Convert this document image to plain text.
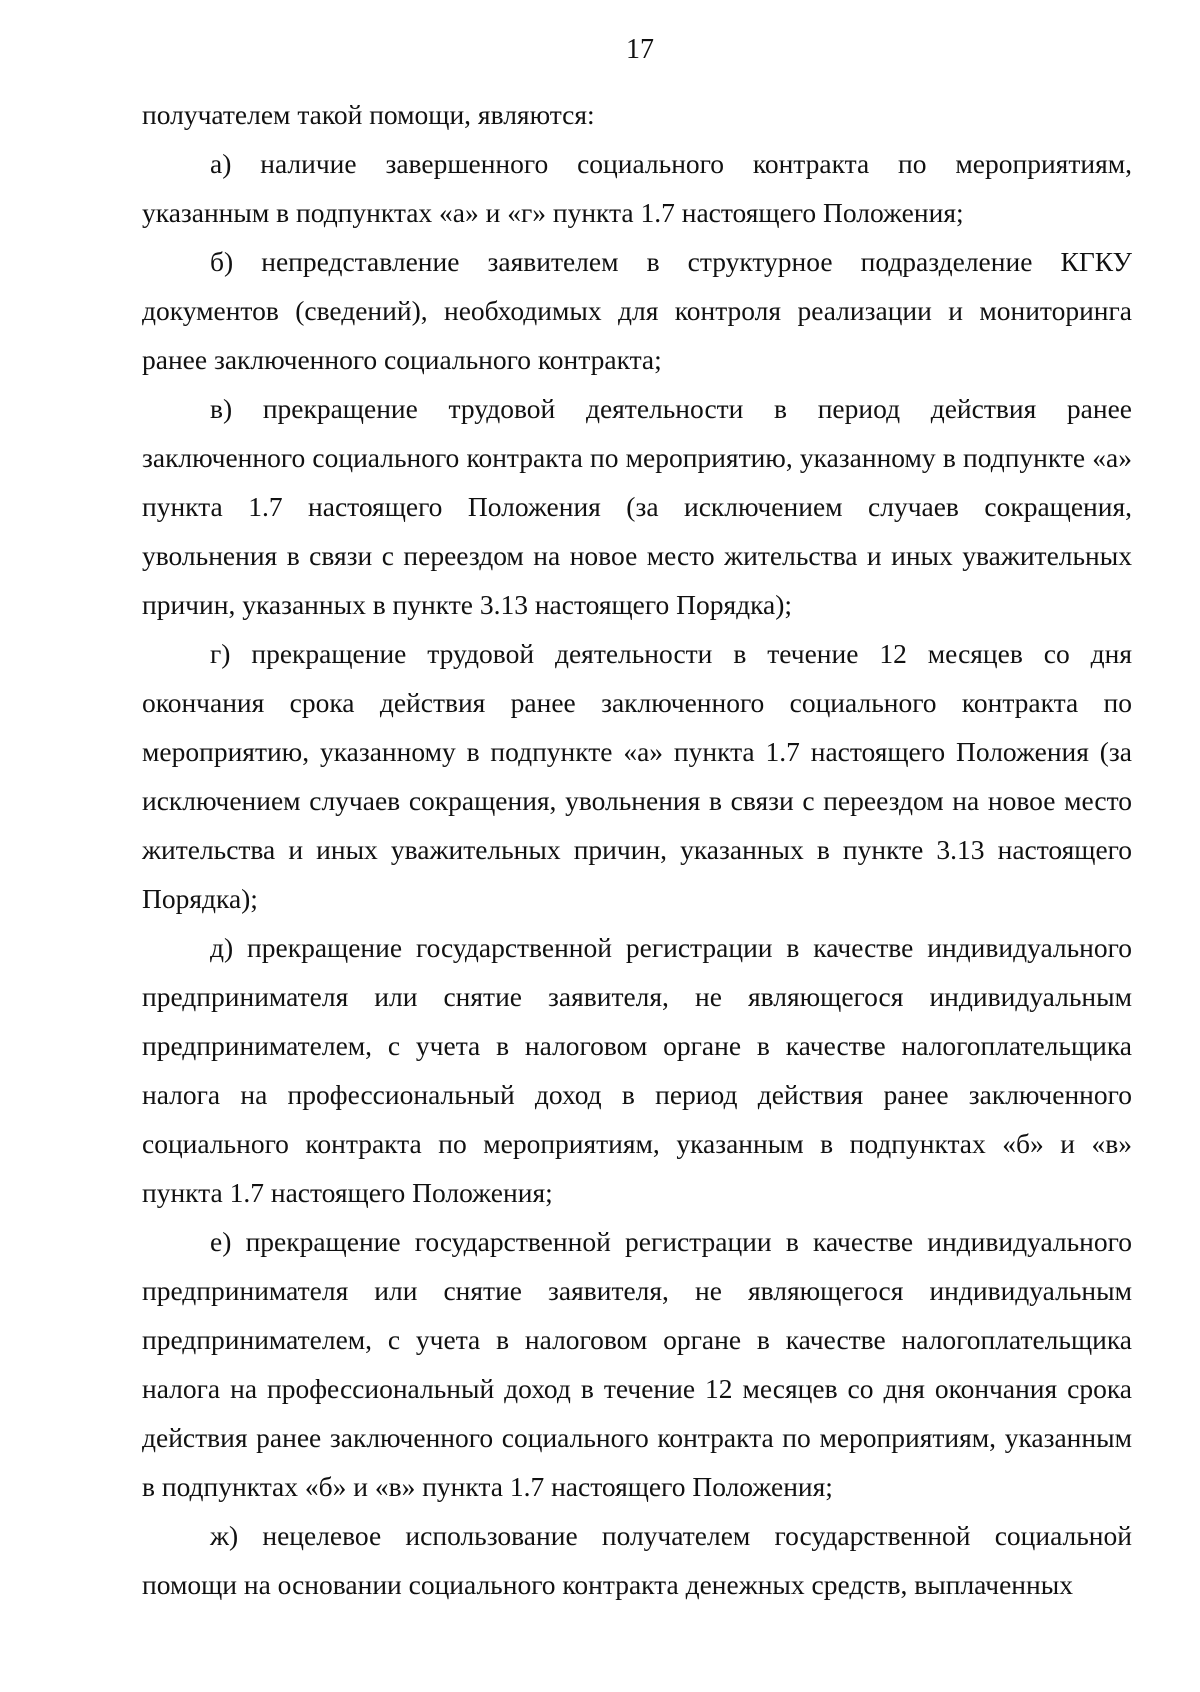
17

получателем такой помощи, являются:

а) наличие завершенного социального контракта по мероприятиям, указанным в подпунктах «а» и «г» пункта 1.7 настоящего Положения;

б) непредставление заявителем в структурное подразделение КГКУ документов (сведений), необходимых для контроля реализации и мониторинга ранее заключенного социального контракта;

в) прекращение трудовой деятельности в период действия ранее заключенного социального контракта по мероприятию, указанному в подпункте «а» пункта 1.7 настоящего Положения (за исключением случаев сокращения, увольнения в связи с переездом на новое место жительства и иных уважительных причин, указанных в пункте 3.13 настоящего Порядка);

г) прекращение трудовой деятельности в течение 12 месяцев со дня окончания срока действия ранее заключенного социального контракта по мероприятию, указанному в подпункте «а» пункта 1.7 настоящего Положения (за исключением случаев сокращения, увольнения в связи с переездом на новое место жительства и иных уважительных причин, указанных в пункте 3.13 настоящего Порядка);

д) прекращение государственной регистрации в качестве индивидуального предпринимателя или снятие заявителя, не являющегося индивидуальным предпринимателем, с учета в налоговом органе в качестве налогоплательщика налога на профессиональный доход в период действия ранее заключенного социального контракта по мероприятиям, указанным в подпунктах «б» и «в» пункта 1.7 настоящего Положения;

е) прекращение государственной регистрации в качестве индивидуального предпринимателя или снятие заявителя, не являющегося индивидуальным предпринимателем, с учета в налоговом органе в качестве налогоплательщика налога на профессиональный доход в течение 12 месяцев со дня окончания срока действия ранее заключенного социального контракта по мероприятиям, указанным в подпунктах «б» и «в» пункта 1.7 настоящего Положения;

ж) нецелевое использование получателем государственной социальной помощи на основании социального контракта денежных средств, выплаченных
